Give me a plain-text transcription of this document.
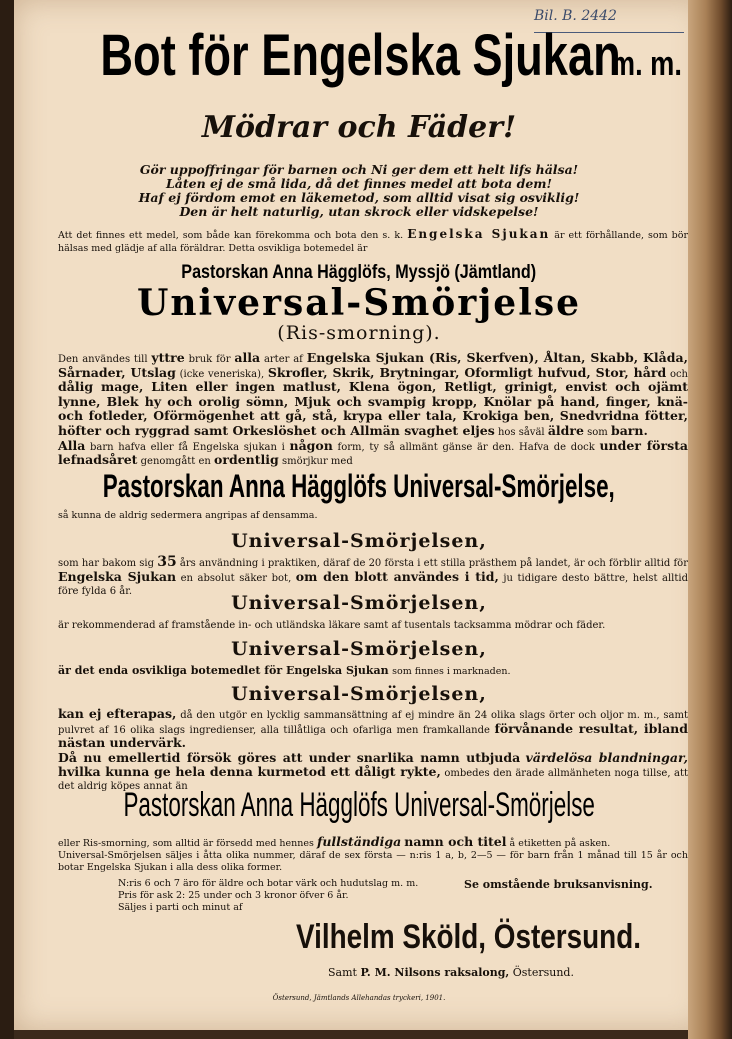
Bil. B. 2442

Bot för Engelska Sjukan m. m.

Mödrar och Fäder!

Gör uppoffringar för barnen och Ni ger dem ett helt lifs hälsa!

Låten ej de små lida, då det finnes medel att bota dem!

Haf ej fördom emot en läkemetod, som alltid visat sig osviklig!

Den är helt naturlig, utan skrock eller vidskepelse!

Att det finnes ett medel, som både kan förekomma och bota den s. k. Engelska Sjukan är ett förhållande, som bör hälsas med glädje af alla föräldrar. Detta osvikliga botemedel är

Pastorskan Anna Hägglöfs, Myssjö (Jämtland)

Universal-Smörjelse

(Ris-smorning).

Den användes till yttre bruk för alla arter af Engelska Sjukan (Ris, Skerfven), Åltan, Skabb, Klåda, Sårnader, Utslag (icke veneriska), Skrofler, Skrik, Brytningar, Oformligt hufvud, Stor, hård och dålig mage, Liten eller ingen matlust, Klena ögon, Retligt, grinigt, envist och ojämt lynne, Blek hy och orolig sömn, Mjuk och svampig kropp, Knölar på hand, finger, knä- och fotleder, Oförmögenhet att gå, stå, krypa eller tala, Krokiga ben, Snedvridna fötter, höfter och ryggrad samt Orkeslöshet och Allmän svaghet eljes hos såväl äldre som barn.
Alla barn hafva eller få Engelska sjukan i någon form, ty så allmänt gänse är den. Hafva de dock under första lefnadsåret genomgått en ordentlig smörjkur med

Pastorskan Anna Hägglöfs Universal-Smörjelse,

så kunna de aldrig sedermera angripas af densamma.

Universal-Smörjelsen,

som har bakom sig 35 års användning i praktiken, däraf de 20 första i ett stilla prästhem på landet, är och förblir alltid för Engelska Sjukan en absolut säker bot, om den blott användes i tid, ju tidigare desto bättre, helst alltid före fylda 6 år.

Universal-Smörjelsen,

är rekommenderad af framstående in- och utländska läkare samt af tusentals tacksamma mödrar och fäder.

Universal-Smörjelsen,

är det enda osvikliga botemedlet för Engelska Sjukan som finnes i marknaden.

Universal-Smörjelsen,

kan ej efterapas, då den utgör en lycklig sammansättning af ej mindre än 24 olika slags örter och oljor m. m., samt pulvret af 16 olika slags ingredienser, alla tillåtliga och ofarliga men framkallande förvånande resultat, ibland nästan undervärk.
Då nu emellertid försök göres att under snarlika namn utbjuda värdelösa blandningar, hvilka kunna ge hela denna kurmetod ett dåligt rykte, ombedes den ärade allmänheten noga tillse, att det aldrig köpes annat än

Pastorskan Anna Hägglöfs Universal-Smörjelse

eller Ris-smorning, som alltid är försedd med hennes fullständiga namn och titel å etiketten på asken.
Universal-Smörjelsen säljes i åtta olika nummer, däraf de sex första — n:ris 1 a, b, 2—5 — för barn från 1 månad till 15 år och botar Engelska Sjukan i alla dess olika former.

N:ris 6 och 7 äro för äldre och botar värk och hudutslag m. m.	Se omstående bruksanvisning.

Pris för ask 2: 25 under och 3 kronor öfver 6 år.

Säljes i parti och minut af

Vilhelm Sköld, Östersund.

Samt P. M. Nilsons raksalong, Östersund.

Östersund, Jämtlands Allehandas tryckeri, 1901.
